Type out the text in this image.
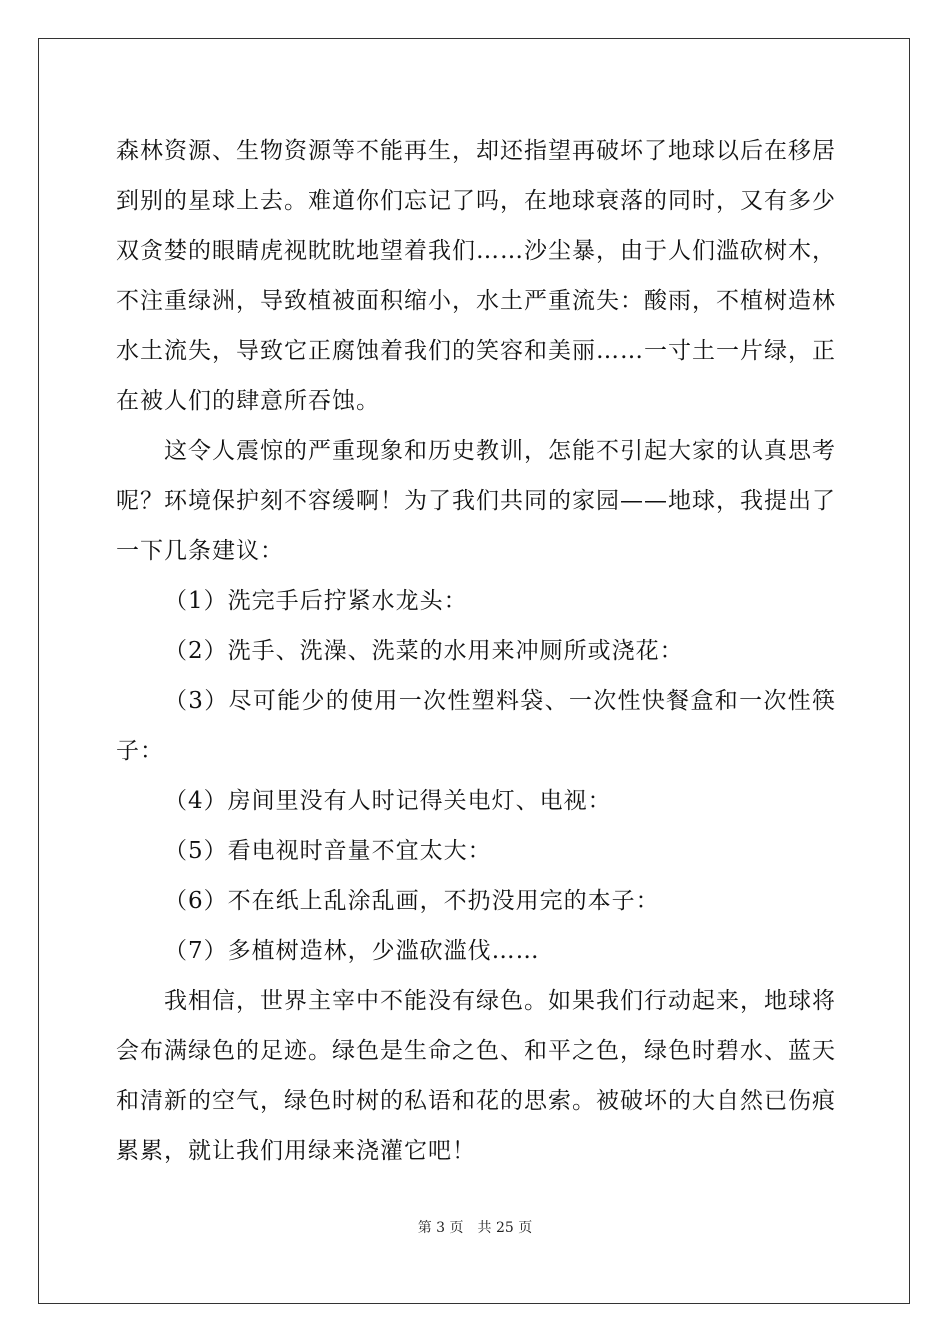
森林资源、生物资源等不能再生，却还指望再破坏了地球以后在移居到别的星球上去。难道你们忘记了吗，在地球衰落的同时，又有多少双贪婪的眼睛虎视眈眈地望着我们……沙尘暴，由于人们滥砍树木，不注重绿洲，导致植被面积缩小，水土严重流失：酸雨，不植树造林水土流失，导致它正腐蚀着我们的笑容和美丽……一寸土一片绿，正在被人们的肆意所吞蚀。

这令人震惊的严重现象和历史教训，怎能不引起大家的认真思考呢？环境保护刻不容缓啊！为了我们共同的家园——地球，我提出了一下几条建议：

（1）洗完手后拧紧水龙头：

（2）洗手、洗澡、洗菜的水用来冲厕所或浇花：

（3）尽可能少的使用一次性塑料袋、一次性快餐盒和一次性筷子：

（4）房间里没有人时记得关电灯、电视：

（5）看电视时音量不宜太大：

（6）不在纸上乱涂乱画，不扔没用完的本子：

（7）多植树造林，少滥砍滥伐……

我相信，世界主宰中不能没有绿色。如果我们行动起来，地球将会布满绿色的足迹。绿色是生命之色、和平之色，绿色时碧水、蓝天和清新的空气，绿色时树的私语和花的思索。被破坏的大自然已伤痕累累，就让我们用绿来浇灌它吧！

第 3 页　共 25 页
